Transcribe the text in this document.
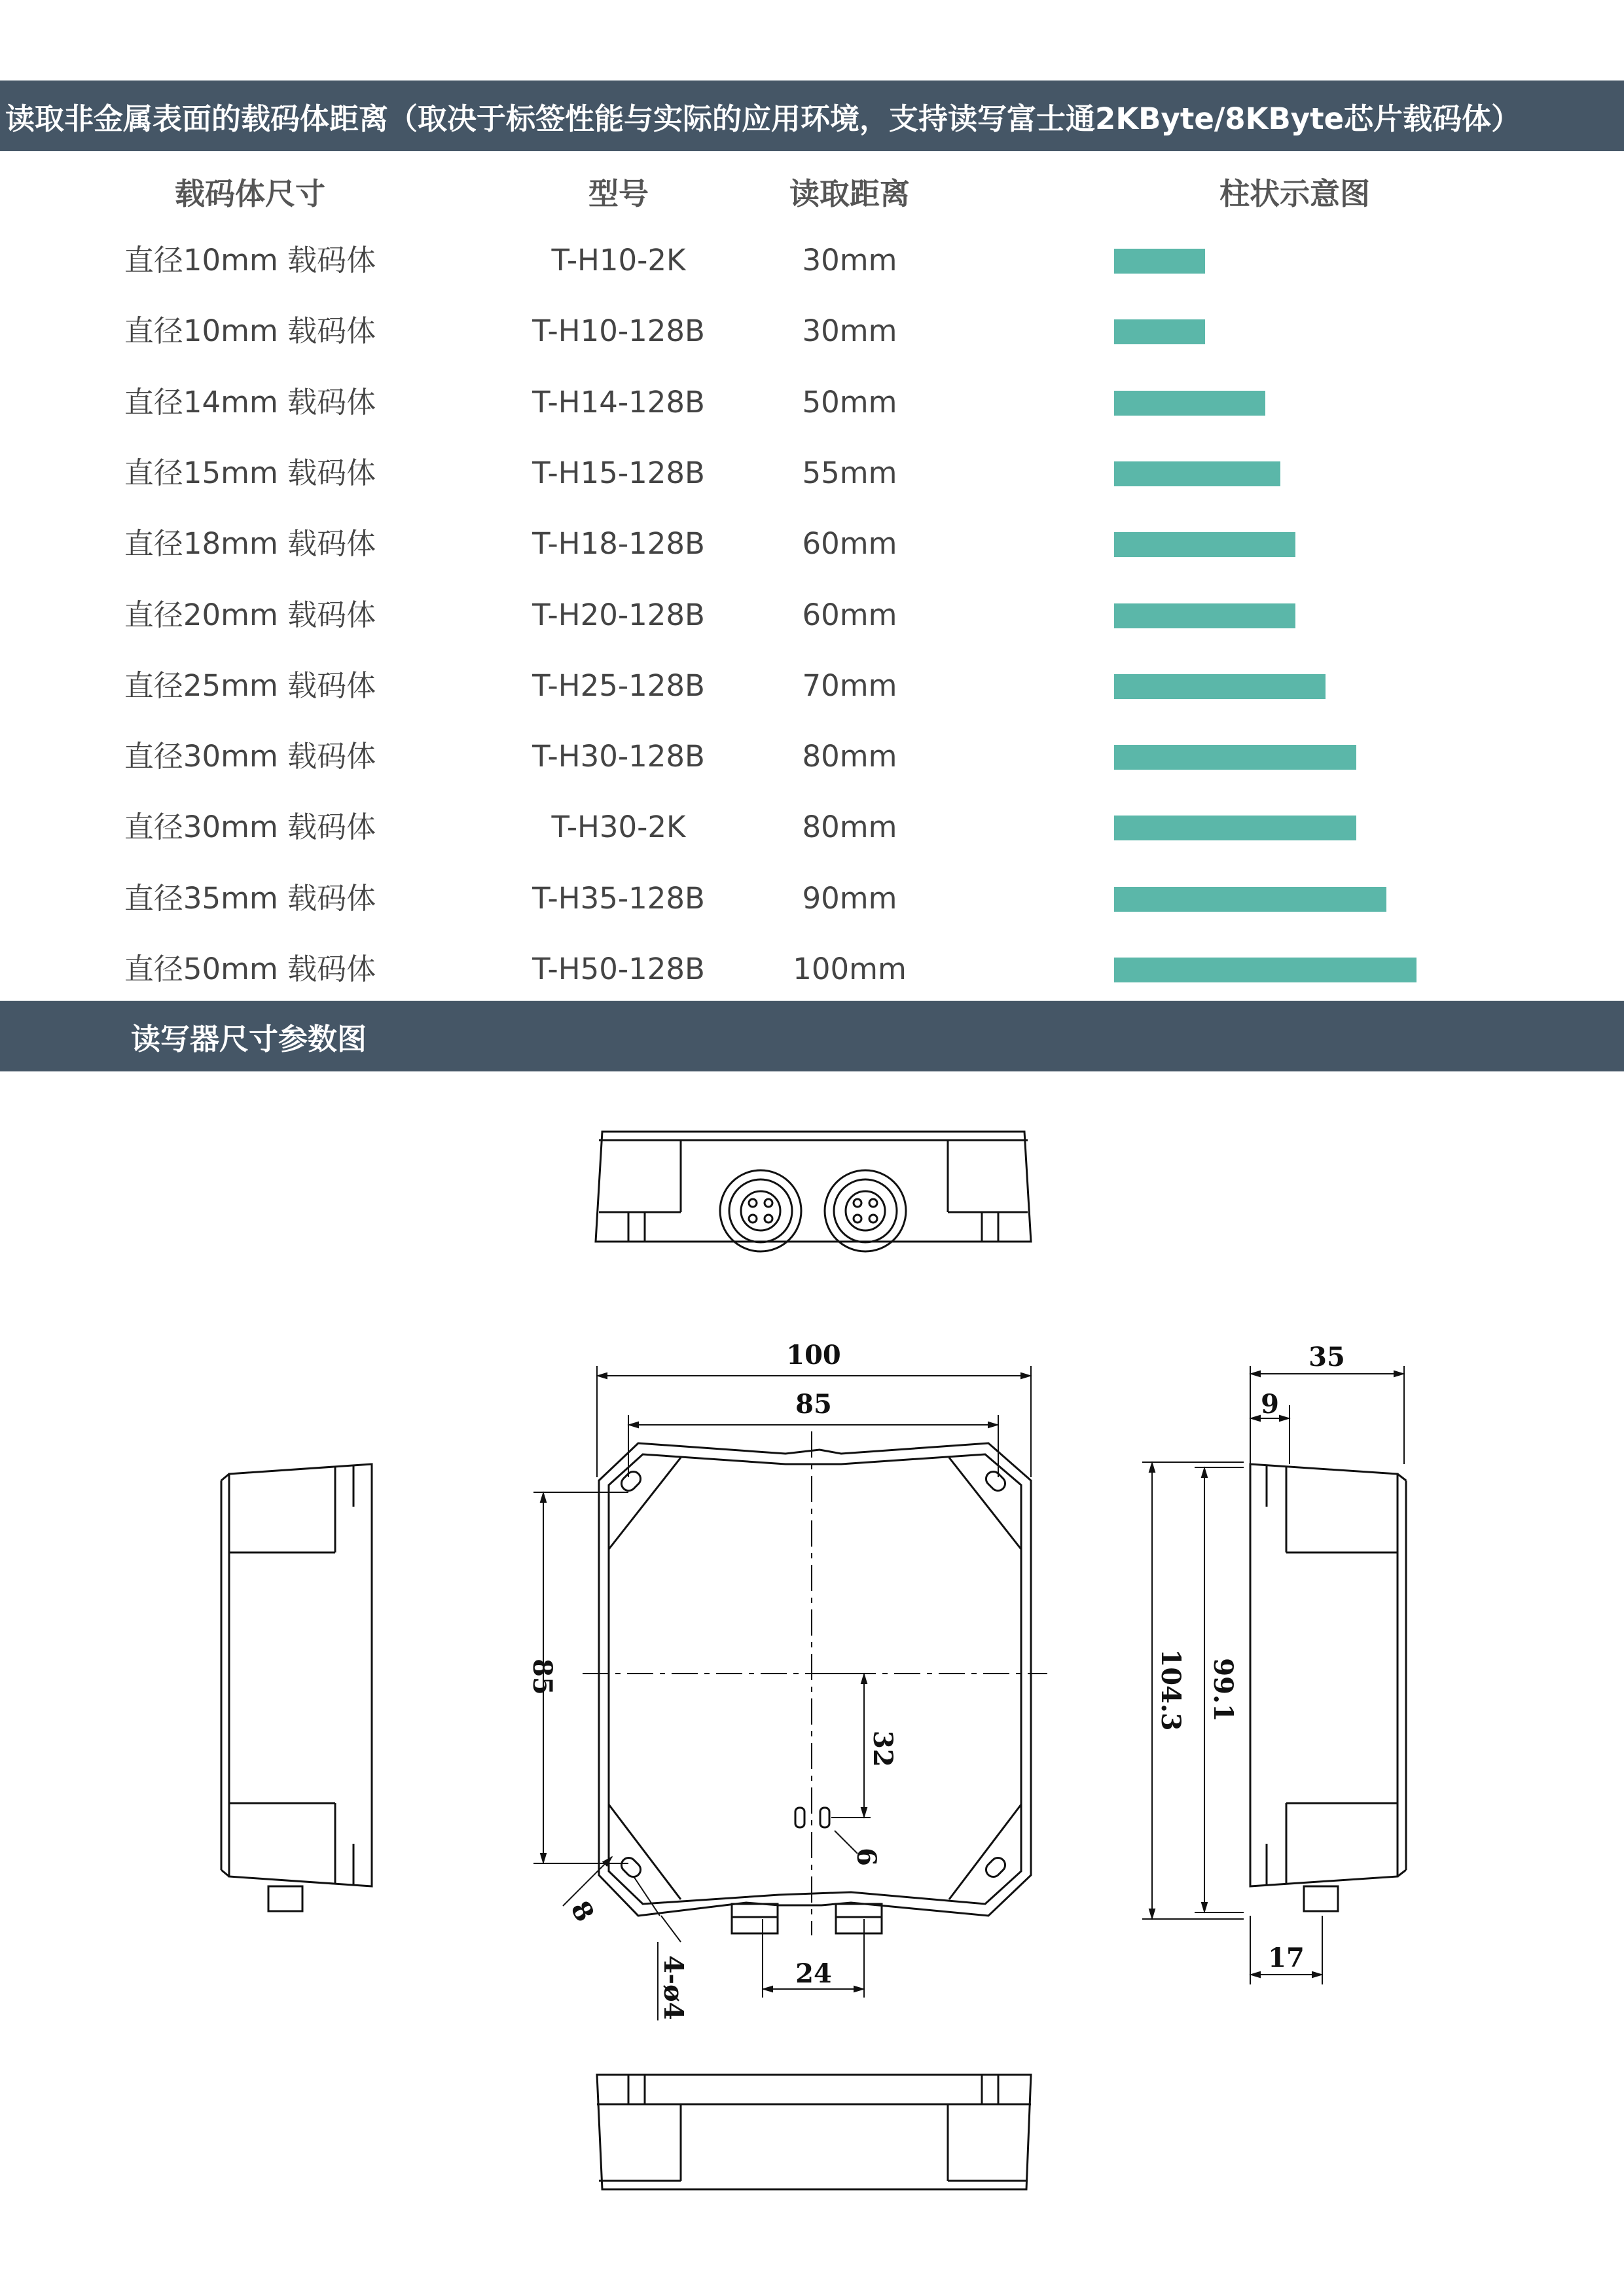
读取非金属表面的载码体距离（取决于标签性能与实际的应用环境，支持读写富士通2KByte/8KByte芯片载码体）
载码体尺寸	型号	读取距离	柱状示意图
直径10mm 载码体	T-H10-2K	30mm
直径10mm 载码体	T-H10-128B	30mm
直径14mm 载码体	T-H14-128B	50mm
直径15mm 载码体	T-H15-128B	55mm
直径18mm 载码体	T-H18-128B	60mm
直径20mm 载码体	T-H20-128B	60mm
直径25mm 载码体	T-H25-128B	70mm
直径30mm 载码体	T-H30-128B	80mm
直径30mm 载码体	T-H30-2K	80mm
直径35mm 载码体	T-H35-128B	90mm
直径50mm 载码体	T-H50-128B	100mm
读写器尺寸参数图
100
85
85
32
6
8
4-ø4	24
35
9
104.3 99.1
17
